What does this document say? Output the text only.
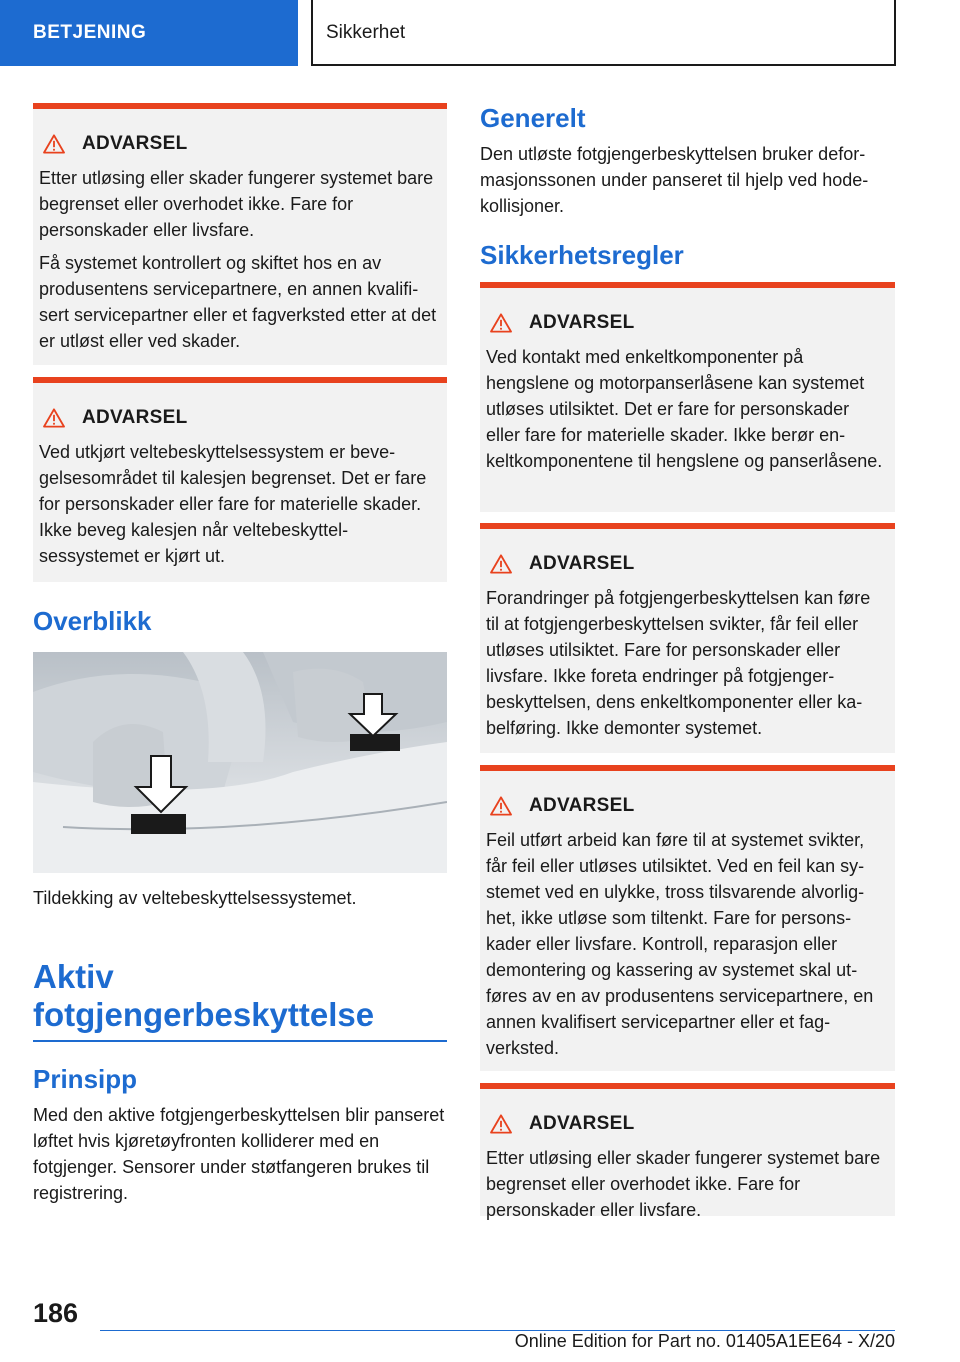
BETJENING	Sikkerhet
ADVARSEL

Etter utløsing eller skader fungerer systemet bare begrenset eller overhodet ikke. Fare for personskader eller livsfare.

Få systemet kontrollert og skiftet hos en av produsentens servicepartnere, en annen kvalifisert servicepartner eller et fagverksted etter at det er utløst eller ved skader.

ADVARSEL

Ved utkjørt veltebeskyttelsessystem er bevegelsesområdet til kalesjen begrenset. Det er fare for personskader eller fare for materielle skader. Ikke beveg kalesjen når veltebeskyttelsessystemet er kjørt ut.

Overblikk

Tildekking av veltebeskyttelsessystemet.

Aktiv fotgjengerbeskyttelse
Prinsipp

Med den aktive fotgjengerbeskyttelsen blir panseret løftet hvis kjøretøyfronten kolliderer med en fotgjenger. Sensorer under støtfangeren brukes til registrering.

Generelt

Den utløste fotgjengerbeskyttelsen bruker deformasjonssonen under panseret til hjelp ved hodekollisjoner.

Sikkerhetsregler
ADVARSEL

Ved kontakt med enkeltkomponenter på hengslene og motorpanserlåsene kan systemet utløses utilsiktet. Det er fare for personskader eller fare for materielle skader. Ikke berør enkeltkomponentene til hengslene og panserlåsene.

ADVARSEL

Forandringer på fotgjengerbeskyttelsen kan føre til at fotgjengerbeskyttelsen svikter, får feil eller utløses utilsiktet. Fare for personskader eller livsfare. Ikke foreta endringer på fotgjengerbeskyttelsen, dens enkeltkomponenter eller kabelføring. Ikke demonter systemet.

ADVARSEL

Feil utført arbeid kan føre til at systemet svikter, får feil eller utløses utilsiktet. Ved en feil kan systemet ved en ulykke, tross tilsvarende alvorlighet, ikke utløse som tiltenkt. Fare for personskader eller livsfare. Kontroll, reparasjon eller demontering og kassering av systemet skal utføres av en av produsentens servicepartnere, en annen kvalifisert servicepartner eller et fagverksted.

ADVARSEL

Etter utløsing eller skader fungerer systemet bare begrenset eller overhodet ikke. Fare for personskader eller livsfare.

186
Online Edition for Part no. 01405A1EE64 - X/20
